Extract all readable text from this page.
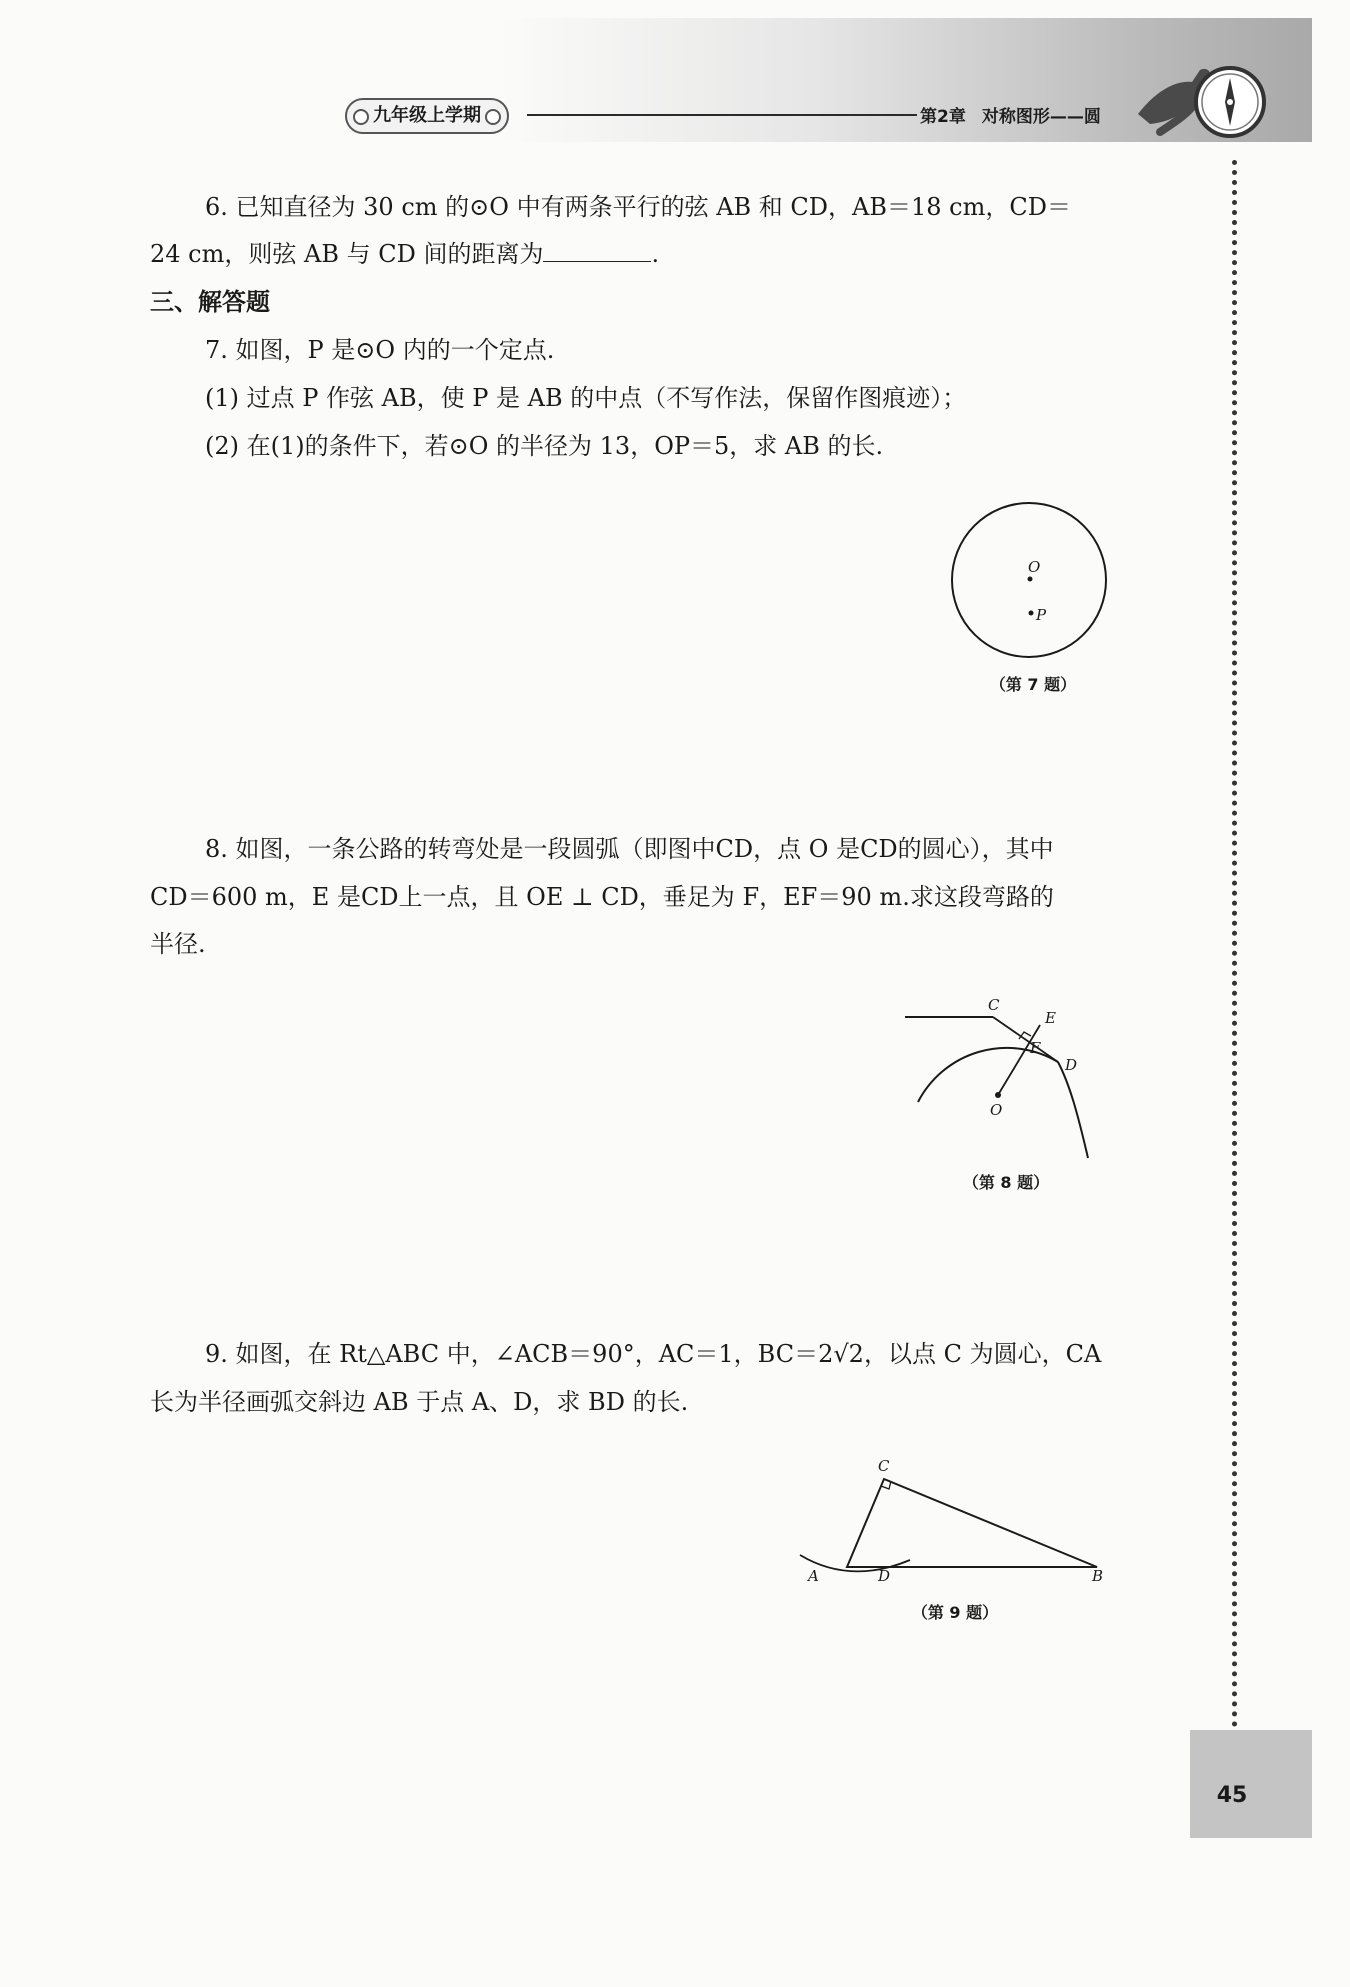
九年级上学期	第2章 对称图形——圆
45
6. 已知直径为 30 cm 的⊙O 中有两条平行的弦 AB 和 CD，AB＝18 cm，CD＝
24 cm，则弦 AB 与 CD 间的距离为	.
三、解答题
7. 如图，P 是⊙O 内的一个定点.
(1) 过点 P 作弦 AB，使 P 是 AB 的中点（不写作法，保留作图痕迹）；
(2) 在(1)的条件下，若⊙O 的半径为 13，OP＝5，求 AB 的长.
O
P
（第 7 题）
8. 如图，一条公路的转弯处是一段圆弧（即图中CD，点 O 是CD的圆心），其中
CD＝600 m，E 是CD上一点，且 OE ⊥ CD，垂足为 F，EF＝90 m.求这段弯路的
半径.
C
E
F
D
O
（第 8 题）
9. 如图，在 Rt△ABC 中，∠ACB＝90°，AC＝1，BC＝2√2，以点 C 为圆心，CA
长为半径画弧交斜边 AB 于点 A、D，求 BD 的长.
C
A	D	B
（第 9 题）
